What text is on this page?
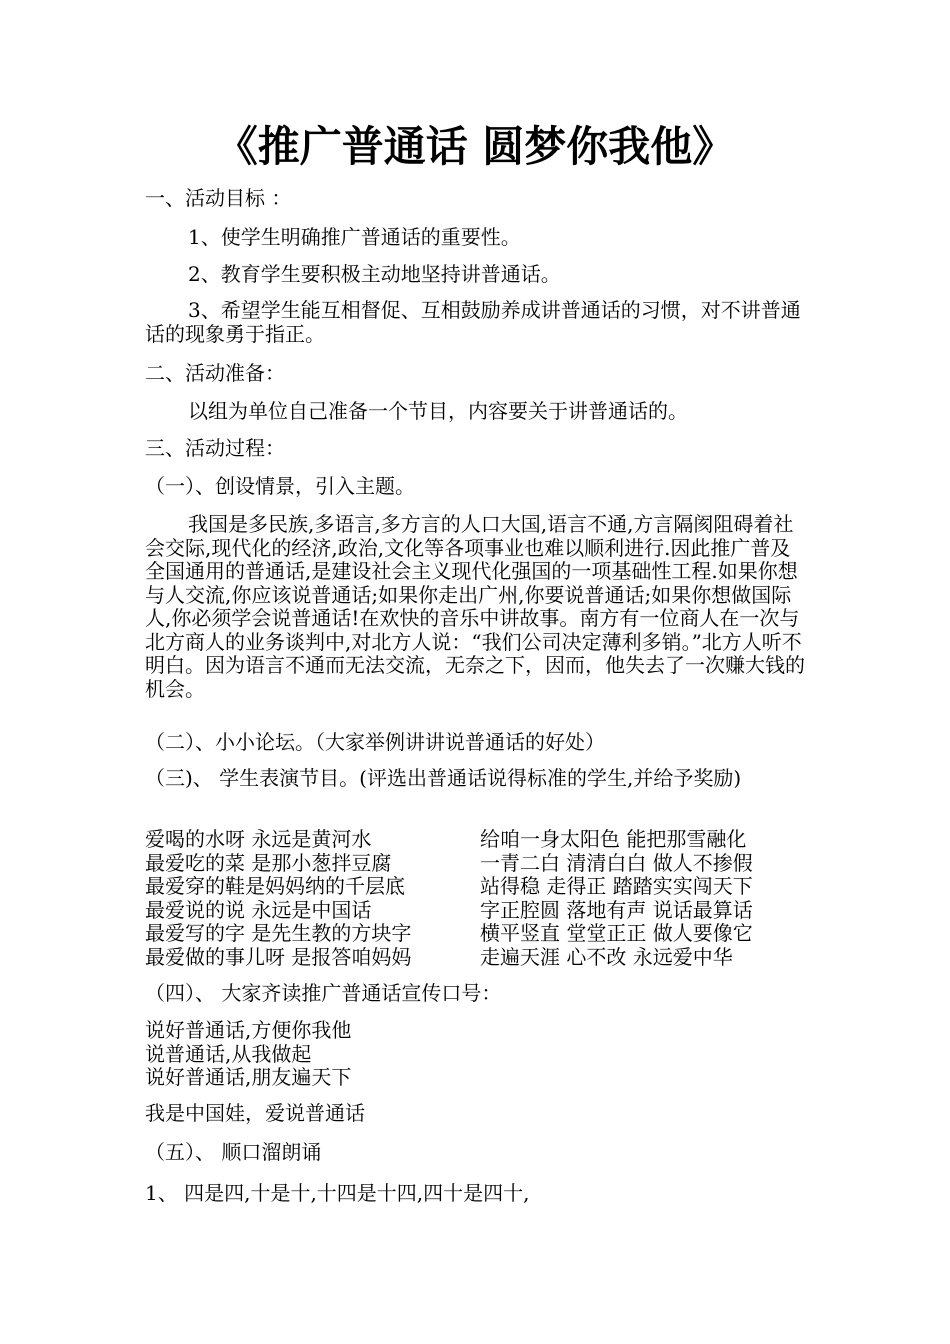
《推广普通话 圆梦你我他》
一、活动目标 ：
1、使学生明确推广普通话的重要性。
2、教育学生要积极主动地坚持讲普通话。
3、希望学生能互相督促、互相鼓励养成讲普通话的习惯，对不讲普通话的现象勇于指正。
二、活动准备：
以组为单位自己准备一个节目，内容要关于讲普通话的。
三、活动过程：
（一）、创设情景，引入主题。
我国是多民族,多语言,多方言的人口大国,语言不通,方言隔阂阻碍着社会交际,现代化的经济,政治,文化等各项事业也难以顺利进行.因此推广普及全国通用的普通话,是建设社会主义现代化强国的一项基础性工程.如果你想与人交流,你应该说普通话;如果你走出广州,你要说普通话;如果你想做国际人,你必须学会说普通话!在欢快的音乐中讲故事。南方有一位商人在一次与北方商人的业务谈判中,对北方人说：“我们公司决定薄利多销。”北方人听不明白。因为语言不通而无法交流，无奈之下，因而，他失去了一次赚大钱的机会。
（二）、小小论坛。（大家举例讲讲说普通话的好处）
（三)、 学生表演节目。(评选出普通话说得标准的学生,并给予奖励)
爱喝的水呀 永远是黄河水
最爱吃的菜 是那小葱拌豆腐
最爱穿的鞋是妈妈纳的千层底
最爱说的说 永远是中国话
最爱写的字 是先生教的方块字
最爱做的事儿呀 是报答咱妈妈
给咱一身太阳色 能把那雪融化
一青二白 清清白白 做人不掺假
站得稳 走得正 踏踏实实闯天下
字正腔圆 落地有声 说话最算话
横平竖直 堂堂正正 做人要像它
走遍天涯 心不改 永远爱中华
（四）、 大家齐读推广普通话宣传口号：
说好普通话,方便你我他
说普通话,从我做起
说好普通话,朋友遍天下
我是中国娃，爱说普通话
（五）、 顺口溜朗诵
1、 四是四,十是十,十四是十四,四十是四十,
